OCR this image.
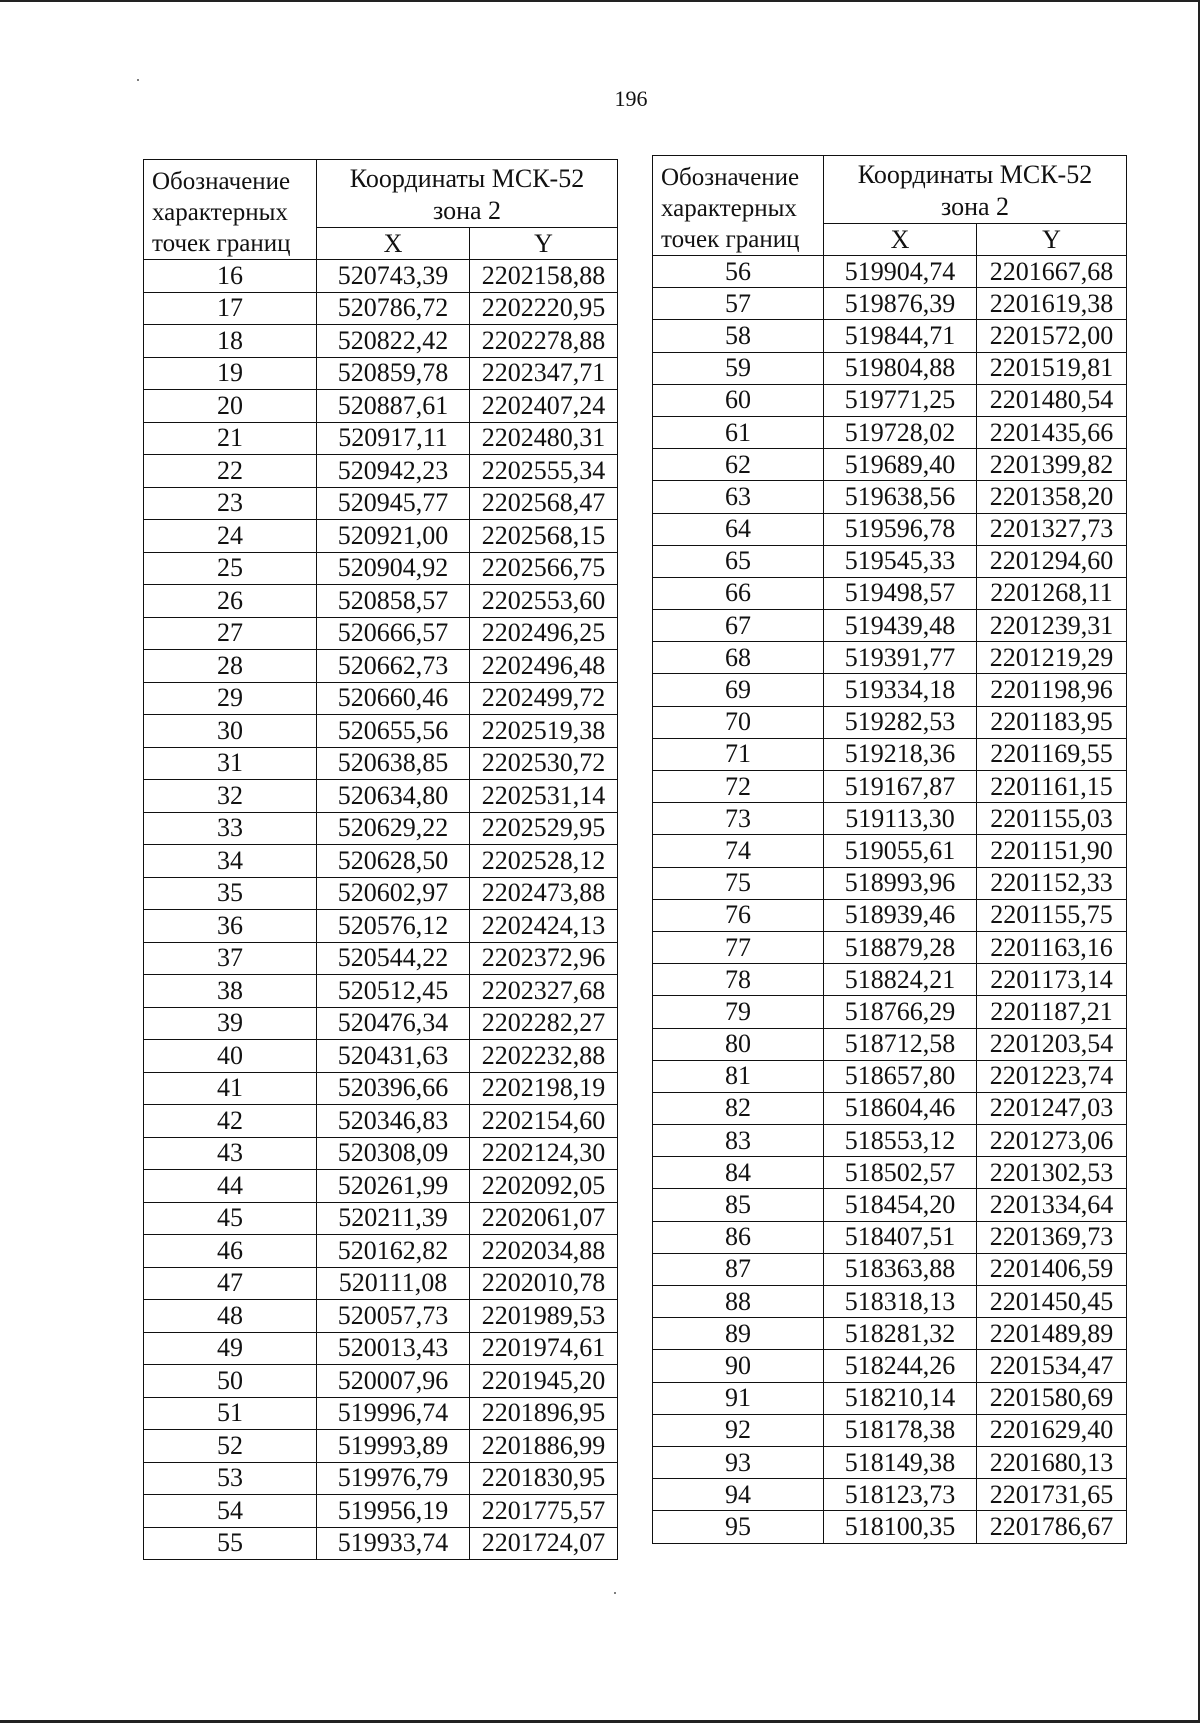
196
Обозначение характерных точек границ	Координаты МСК-52
зона 2	

	X	Y
16	520743,39	2202158,88
17	520786,72	2202220,95
18	520822,42	2202278,88
19	520859,78	2202347,71
20	520887,61	2202407,24
21	520917,11	2202480,31
22	520942,23	2202555,34
23	520945,77	2202568,47
24	520921,00	2202568,15
25	520904,92	2202566,75
26	520858,57	2202553,60
27	520666,57	2202496,25
28	520662,73	2202496,48
29	520660,46	2202499,72
30	520655,56	2202519,38
31	520638,85	2202530,72
32	520634,80	2202531,14
33	520629,22	2202529,95
34	520628,50	2202528,12
35	520602,97	2202473,88
36	520576,12	2202424,13
37	520544,22	2202372,96
38	520512,45	2202327,68
39	520476,34	2202282,27
40	520431,63	2202232,88
41	520396,66	2202198,19
42	520346,83	2202154,60
43	520308,09	2202124,30
44	520261,99	2202092,05
45	520211,39	2202061,07
46	520162,82	2202034,88
47	520111,08	2202010,78
48	520057,73	2201989,53
49	520013,43	2201974,61
50	520007,96	2201945,20
51	519996,74	2201896,95
52	519993,89	2201886,99
53	519976,79	2201830,95
54	519956,19	2201775,57
55	519933,74	2201724,07
Обозначение характерных точек границ	Координаты МСК-52
зона 2	

	X	Y
56	519904,74	2201667,68
57	519876,39	2201619,38
58	519844,71	2201572,00
59	519804,88	2201519,81
60	519771,25	2201480,54
61	519728,02	2201435,66
62	519689,40	2201399,82
63	519638,56	2201358,20
64	519596,78	2201327,73
65	519545,33	2201294,60
66	519498,57	2201268,11
67	519439,48	2201239,31
68	519391,77	2201219,29
69	519334,18	2201198,96
70	519282,53	2201183,95
71	519218,36	2201169,55
72	519167,87	2201161,15
73	519113,30	2201155,03
74	519055,61	2201151,90
75	518993,96	2201152,33
76	518939,46	2201155,75
77	518879,28	2201163,16
78	518824,21	2201173,14
79	518766,29	2201187,21
80	518712,58	2201203,54
81	518657,80	2201223,74
82	518604,46	2201247,03
83	518553,12	2201273,06
84	518502,57	2201302,53
85	518454,20	2201334,64
86	518407,51	2201369,73
87	518363,88	2201406,59
88	518318,13	2201450,45
89	518281,32	2201489,89
90	518244,26	2201534,47
91	518210,14	2201580,69
92	518178,38	2201629,40
93	518149,38	2201680,13
94	518123,73	2201731,65
95	518100,35	2201786,67
